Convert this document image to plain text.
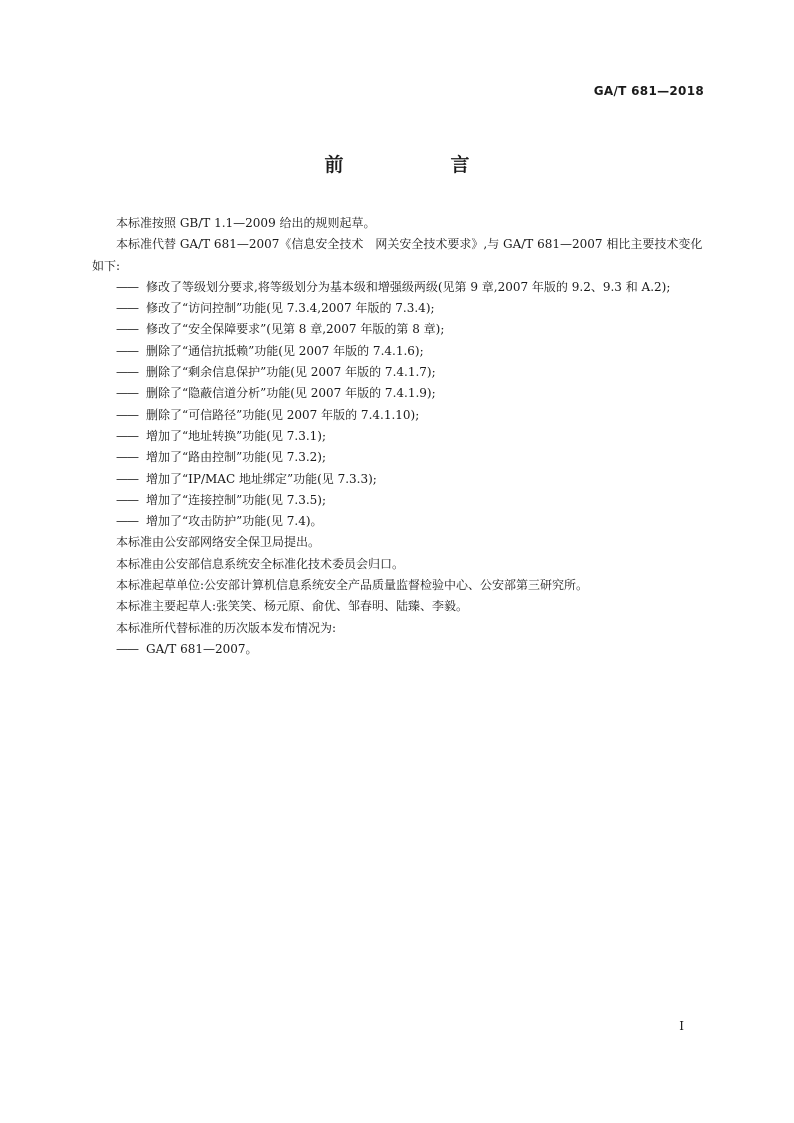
GA/T 681—2018
前　言

本标准按照 GB/T 1.1—2009 给出的规则起草。

本标准代替 GA/T 681—2007《信息安全技术　网关安全技术要求》,与 GA/T 681—2007 相比主要技术变化如下:

—— 修改了等级划分要求,将等级划分为基本级和增强级两级(见第 9 章,2007 年版的 9.2、9.3 和 A.2);
—— 修改了“访问控制”功能(见 7.3.4,2007 年版的 7.3.4);
—— 修改了“安全保障要求”(见第 8 章,2007 年版的第 8 章);
—— 删除了“通信抗抵赖”功能(见 2007 年版的 7.4.1.6);
—— 删除了“剩余信息保护”功能(见 2007 年版的 7.4.1.7);
—— 删除了“隐蔽信道分析”功能(见 2007 年版的 7.4.1.9);
—— 删除了“可信路径”功能(见 2007 年版的 7.4.1.10);
—— 增加了“地址转换”功能(见 7.3.1);
—— 增加了“路由控制”功能(见 7.3.2);
—— 增加了“IP/MAC 地址绑定”功能(见 7.3.3);
—— 增加了“连接控制”功能(见 7.3.5);
—— 增加了“攻击防护”功能(见 7.4)。

本标准由公安部网络安全保卫局提出。

本标准由公安部信息系统安全标准化技术委员会归口。

本标准起草单位:公安部计算机信息系统安全产品质量监督检验中心、公安部第三研究所。

本标准主要起草人:张笑笑、杨元原、俞优、邹春明、陆臻、李毅。

本标准所代替标准的历次版本发布情况为:

—— GA/T 681—2007。
I
